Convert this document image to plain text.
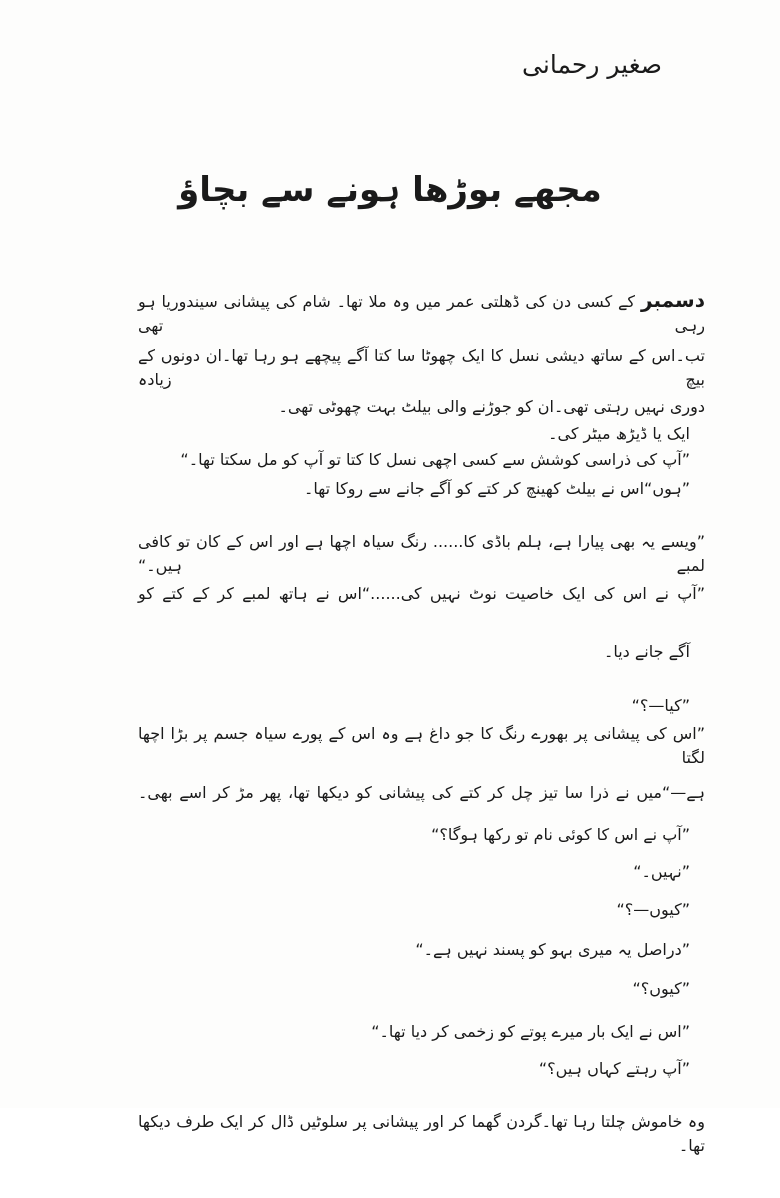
صغیر رحمانی
مجھے بوڑھا ہونے سے بچاؤ
دسمبرکے کسی دن کی ڈھلتی عمر میں وہ ملا تھا۔ شام کی پیشانی سیندوریا ہو رہی تھی
تب۔اس کے ساتھ دیشی نسل کا ایک چھوٹا سا کتا آگے پیچھے ہو رہا تھا۔ان دونوں کے بیچ زیادہ
دوری نہیں رہتی تھی۔ان کو جوڑنے والی بیلٹ بہت چھوٹی تھی۔
ایک یا ڈیڑھ میٹر کی۔
”آپ کی ذراسی کوشش سے کسی اچھی نسل کا کتا تو آپ کو مل سکتا تھا۔“
”ہوں“اس نے بیلٹ کھینچ کر کتے کو آگے جانے سے روکا تھا۔
”ویسے یہ بھی پیارا ہے، ہلم باڈی کا...... رنگ سیاہ اچھا ہے اور اس کے کان تو کافی لمبے ہیں۔“
”آپ نے اس کی ایک خاصیت نوٹ نہیں کی......“اس نے ہاتھ لمبے کر کے کتے کو
آگے جانے دیا۔
”کیا—؟“
”اس کی پیشانی پر بھورے رنگ کا جو داغ ہے وہ اس کے پورے سیاہ جسم پر بڑا اچھا لگتا
ہے—“میں نے ذرا سا تیز چل کر کتے کی پیشانی کو دیکھا تھا، پھر مڑ کر اسے بھی۔
”آپ نے اس کا کوئی نام تو رکھا ہوگا؟“
”نہیں۔“
”کیوں—؟“
”دراصل یہ میری بہو کو پسند نہیں ہے۔“
”کیوں؟“
”اس نے ایک بار میرے پوتے کو زخمی کر دیا تھا۔“
”آپ رہتے کہاں ہیں؟“
وہ خاموش چلتا رہا تھا۔گردن گھما کر اور پیشانی پر سلوٹیں ڈال کر ایک طرف دیکھا تھا۔
